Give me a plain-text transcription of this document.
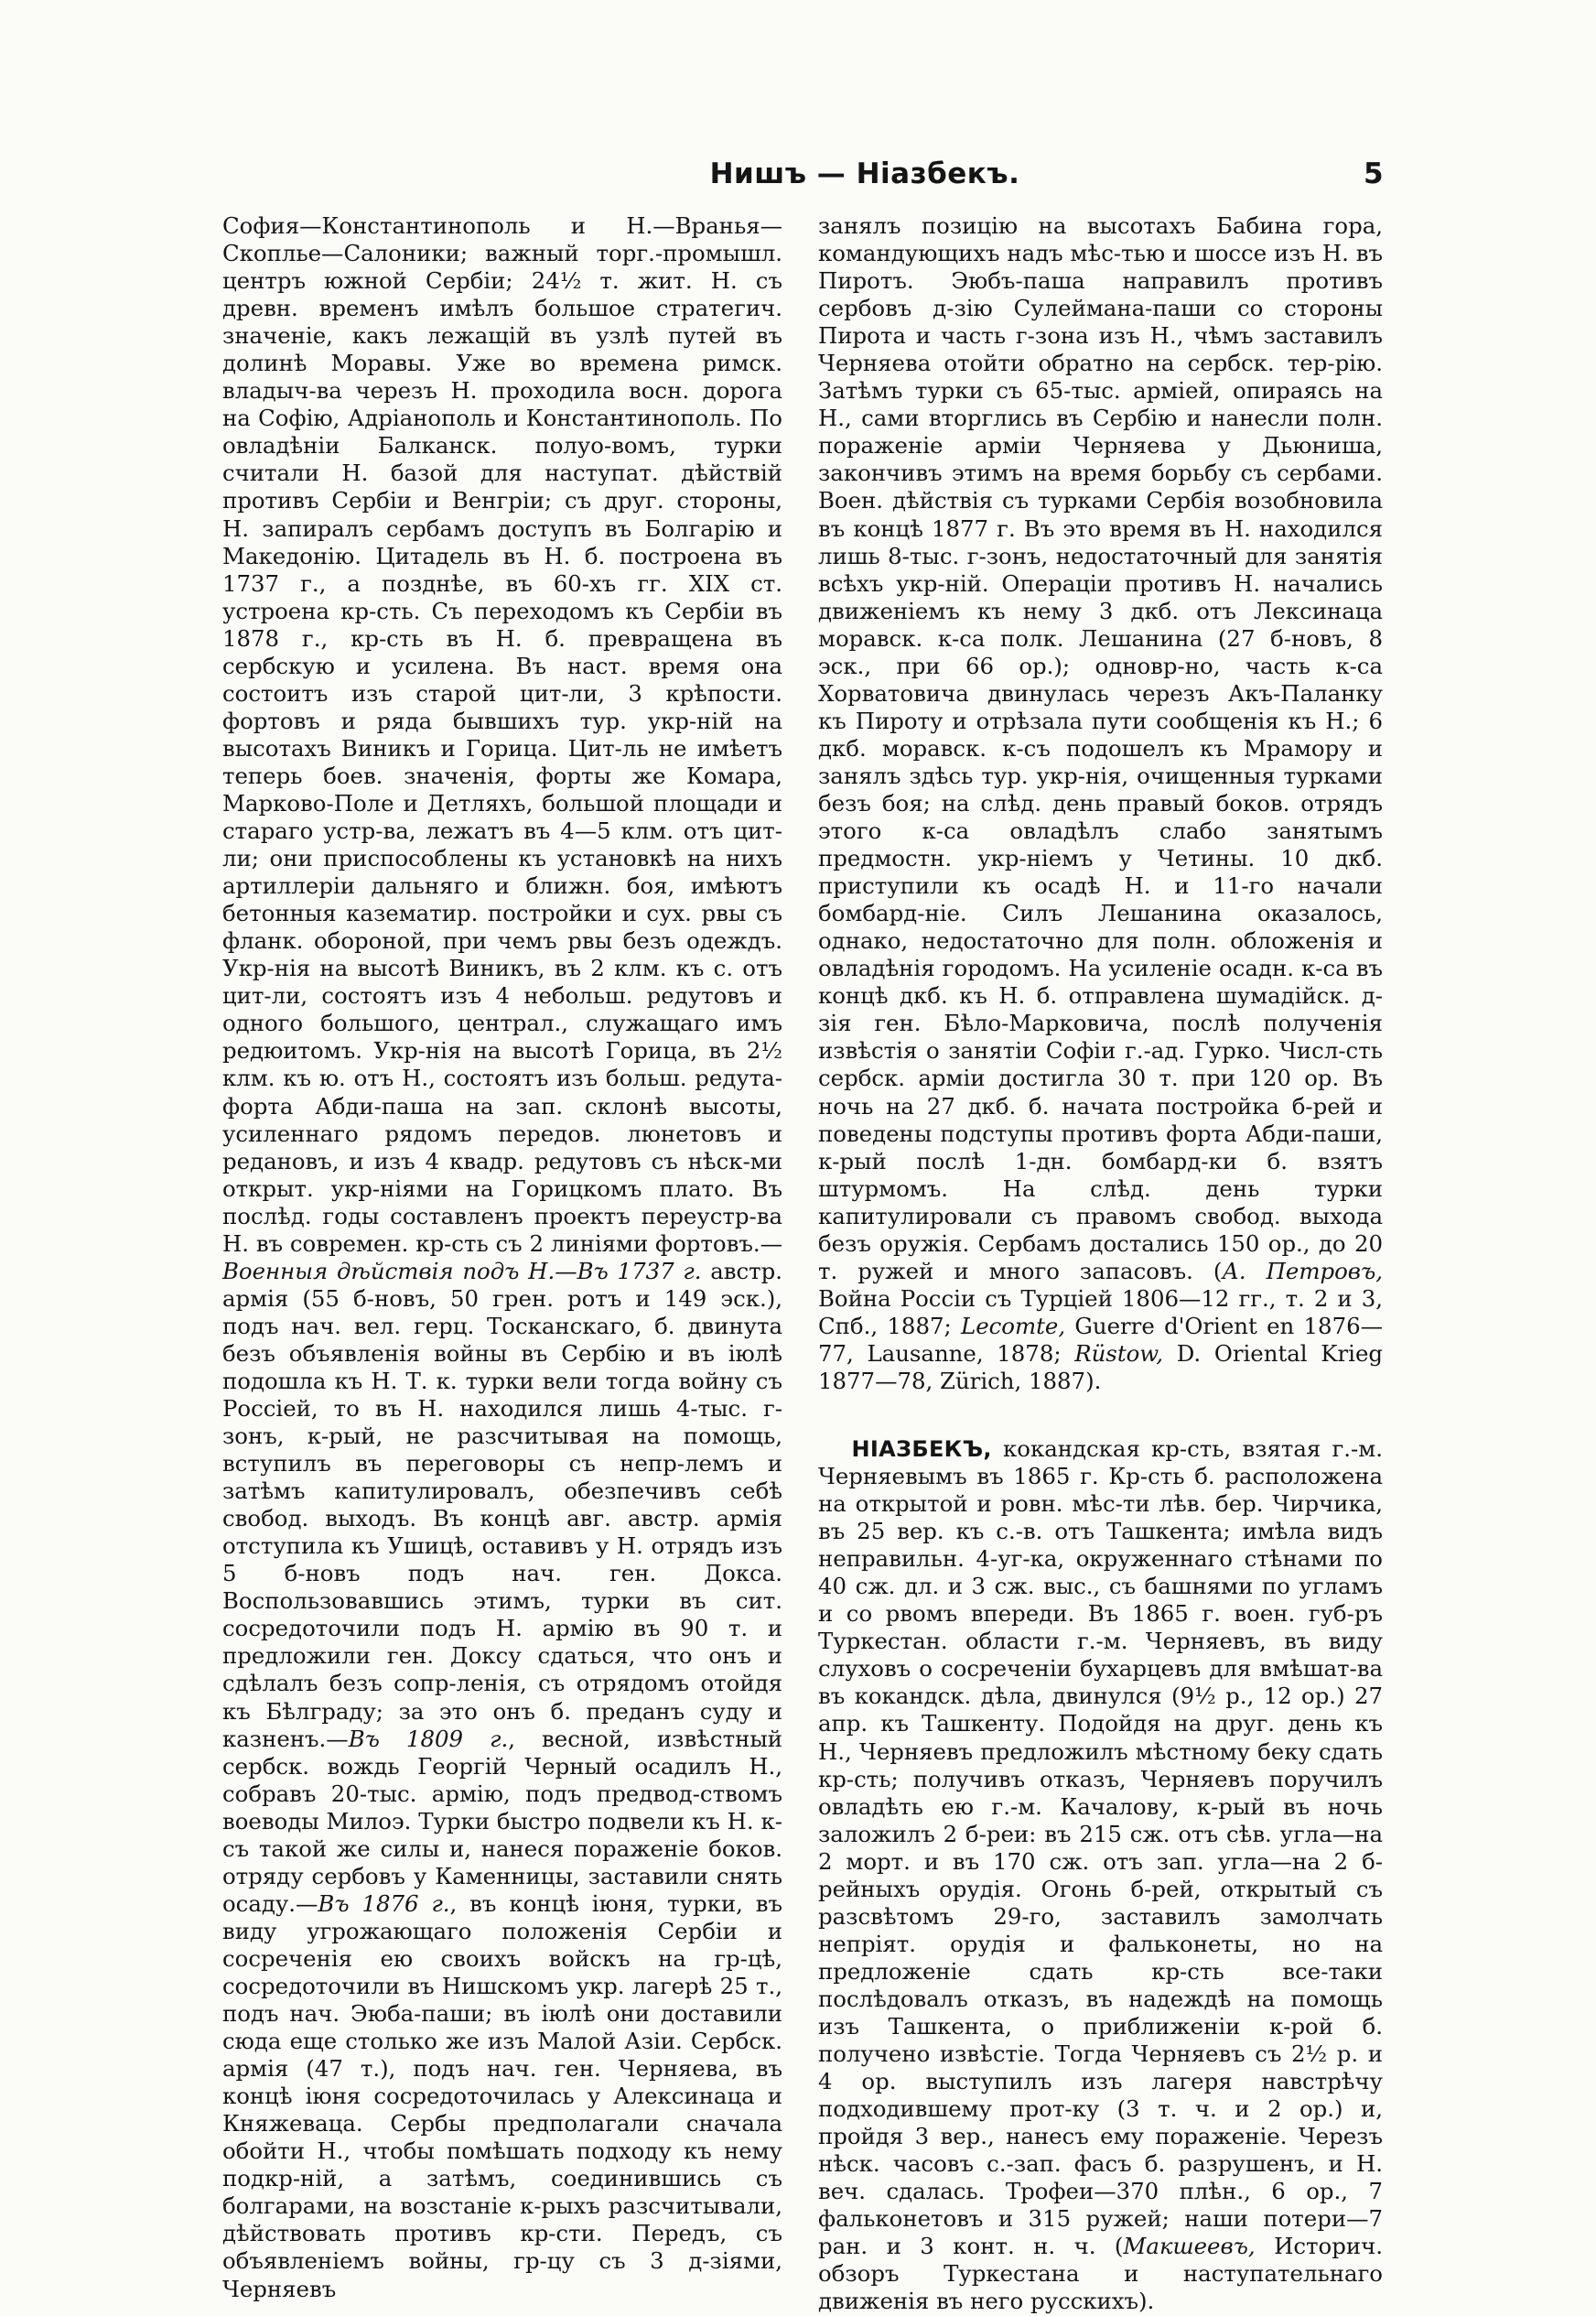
Нишъ — Ніазбекъ.	5

София—Константинополь и Н.—Вранья—Скоплье—Салоники; важный торг.-промышл. центръ южной Сербіи; 24½ т. жит. Н. съ древн. временъ имѣлъ большое стратегич. значеніе, какъ лежащій въ узлѣ путей въ долинѣ Моравы. Уже во времена римск. владыч-ва черезъ Н. проходила восн. дорога на Софію, Адріанополь и Константинополь. По овладѣніи Балканск. полуо-вомъ, турки считали Н. базой для наступат. дѣйствій противъ Сербіи и Венгріи; съ друг. стороны, Н. запиралъ сербамъ доступъ въ Болгарію и Македонію. Цитадель въ Н. б. построена въ 1737 г., а позднѣе, въ 60-хъ гг. XIX ст. устроена кр-сть. Съ переходомъ къ Сербіи въ 1878 г., кр-сть въ Н. б. превращена въ сербскую и усилена. Въ наст. время она состоитъ изъ старой цит-ли, 3 крѣпости. фортовъ и ряда бывшихъ тур. укр-ній на высотахъ Виникъ и Горица. Цит-ль не имѣетъ теперь боев. значенія, форты же Комара, Марково-Поле и Детляхъ, большой площади и стараго устр-ва, лежатъ въ 4—5 клм. отъ цит-ли; они приспособлены къ установкѣ на нихъ артиллеріи дальняго и ближн. боя, имѣютъ бетонныя казематир. постройки и сух. рвы съ фланк. обороной, при чемъ рвы безъ одеждъ. Укр-нія на высотѣ Виникъ, въ 2 клм. къ с. отъ цит-ли, состоятъ изъ 4 небольш. редутовъ и одного большого, централ., служащаго имъ редюитомъ. Укр-нія на высотѣ Горица, въ 2½ клм. къ ю. отъ Н., состоятъ изъ больш. редута-форта Абди-паша на зап. склонѣ высоты, усиленнаго рядомъ передов. люнетовъ и редановъ, и изъ 4 квадр. редутовъ съ нѣск-ми открыт. укр-ніями на Горицкомъ плато. Въ послѣд. годы составленъ проектъ переустр-ва Н. въ современ. кр-сть съ 2 линіями фортовъ.—Военныя дѣйствія подъ Н.—Въ 1737 г. австр. армія (55 б-новъ, 50 грен. ротъ и 149 эск.), подъ нач. вел. герц. Тосканскаго, б. двинута безъ объявленія войны въ Сербію и въ іюлѣ подошла къ Н. Т. к. турки вели тогда войну съ Россіей, то въ Н. находился лишь 4-тыс. г-зонъ, к-рый, не разсчитывая на помощь, вступилъ въ переговоры съ непр-лемъ и затѣмъ капитулировалъ, обезпечивъ себѣ свобод. выходъ. Въ концѣ авг. австр. армія отступила къ Ушицѣ, оставивъ у Н. отрядъ изъ 5 б-новъ подъ нач. ген. Докса. Воспользовавшись этимъ, турки въ сит. сосредоточили подъ Н. армію въ 90 т. и предложили ген. Доксу сдаться, что онъ и сдѣлалъ безъ сопр-ленія, съ отрядомъ отойдя къ Бѣлграду; за это онъ б. преданъ суду и казненъ.—Въ 1809 г., весной, извѣстный сербск. вождь Георгій Черный осадилъ Н., собравъ 20-тыс. армію, подъ предвод-ствомъ воеводы Милоэ. Турки быстро подвели къ Н. к-съ такой же силы и, нанеся пораженіе боков. отряду сербовъ у Каменницы, заставили снять осаду.—Въ 1876 г., въ концѣ іюня, турки, въ виду угрожающаго положенія Сербіи и сосрeченія ею своихъ войскъ на гр-цѣ, сосредоточили въ Нишскомъ укр. лагерѣ 25 т., подъ нач. Эюба-паши; въ іюлѣ они доставили сюда еще столько же изъ Малой Азіи. Сербск. армія (47 т.), подъ нач. ген. Черняева, въ концѣ іюня сосредоточилась у Алексинаца и Княжеваца. Сербы предполагали сначала обойти Н., чтобы помѣшать подходу къ нему подкр-ній, а затѣмъ, соединившись съ болгарами, на возстаніе к-рыхъ разсчитывали, дѣйствовать противъ кр-сти. Передъ, съ объявленіемъ войны, гр-цу съ 3 д-зіями, Черняевъ

занялъ позицію на высотахъ Бабина гора, командующихъ надъ мѣс-тью и шоссе изъ Н. въ Пиротъ. Эюбъ-паша направилъ противъ сербовъ д-зію Сулеймана-паши со стороны Пирота и часть г-зона изъ Н., чѣмъ заставилъ Черняева отойти обратно на сербск. тер-рію. Затѣмъ турки съ 65-тыс. арміей, опираясь на Н., сами вторглись въ Сербію и нанесли полн. пораженіе арміи Черняева у Дьюниша, закончивъ этимъ на время борьбу съ сербами. Воен. дѣйствія съ турками Сербія возобновила въ концѣ 1877 г. Въ это время въ Н. находился лишь 8-тыс. г-зонъ, недостаточный для занятія всѣхъ укр-ній. Операціи противъ Н. начались движеніемъ къ нему 3 дкб. отъ Лексинаца моравск. к-са полк. Лешанина (27 б-новъ, 8 эск., при 66 ор.); одновр-но, часть к-са Хорватовича двинулась черезъ Акъ-Паланку къ Пироту и отрѣзала пути сообщенія къ Н.; 6 дкб. моравск. к-съ подошелъ къ Мрамору и занялъ здѣсь тур. укр-нія, очищенныя турками безъ боя; на слѣд. день правый боков. отрядъ этого к-са овладѣлъ слабо занятымъ предмостн. укр-ніемъ у Четины. 10 дкб. приступили къ осадѣ Н. и 11-го начали бомбард-ніе. Силъ Лешанина оказалось, однако, недостаточно для полн. обложенія и овладѣнія городомъ. На усиленіе осадн. к-са въ концѣ дкб. къ Н. б. отправлена шумадійск. д-зія ген. Бѣло-Марковича, послѣ полученія извѣстія о занятіи Софіи г.-ад. Гурко. Числ-сть сербск. арміи достигла 30 т. при 120 ор. Въ ночь на 27 дкб. б. начата постройка б-рей и поведены подступы противъ форта Абди-паши, к-рый послѣ 1-дн. бомбард-ки б. взятъ штурмомъ. На слѣд. день турки капитулировали съ правомъ свобод. выхода безъ оружія. Сербамъ достались 150 ор., до 20 т. ружей и много запасовъ. (А. Петровъ, Война Россіи съ Турціей 1806—12 гг., т. 2 и 3, Спб., 1887; Lecomte, Guerre d'Orient en 1876—77, Lausanne, 1878; Rüstow, D. Oriental Krieg 1877—78, Zürich, 1887).

НІАЗБЕКЪ, кокандская кр-сть, взятая г.-м. Черняевымъ въ 1865 г. Кр-сть б. расположена на открытой и ровн. мѣс-ти лѣв. бер. Чирчика, въ 25 вер. къ с.-в. отъ Ташкента; имѣла видъ неправильн. 4-уг-ка, окруженнаго стѣнами по 40 сж. дл. и 3 сж. выс., съ башнями по угламъ и со рвомъ впереди. Въ 1865 г. воен. губ-ръ Туркестан. области г.-м. Черняевъ, въ виду слуховъ о сосрeченіи бухарцевъ для вмѣшат-ва въ кокандск. дѣла, двинулся (9½ р., 12 ор.) 27 апр. къ Ташкенту. Подойдя на друг. день къ Н., Черняевъ предложилъ мѣстному беку сдать кр-сть; получивъ отказъ, Черняевъ поручилъ овладѣть ею г.-м. Качалову, к-рый въ ночь заложилъ 2 б-реи: въ 215 сж. отъ сѣв. угла—на 2 морт. и въ 170 сж. отъ зап. угла—на 2 б-рейныхъ орудія. Огонь б-рей, открытый съ разсвѣтомъ 29-го, заставилъ замолчать непріят. орудія и фальконеты, но на предложеніе сдать кр-сть все-таки послѣдовалъ отказъ, въ надеждѣ на помощь изъ Ташкента, о приближеніи к-рой б. получено извѣстіе. Тогда Черняевъ съ 2½ р. и 4 ор. выступилъ изъ лагеря навстрѣчу подходившему прот-ку (3 т. ч. и 2 ор.) и, пройдя 3 вер., нанесъ ему пораженіе. Черезъ нѣск. часовъ с.-зап. фасъ б. разрушенъ, и Н. веч. сдалась. Трофеи—370 плѣн., 6 ор., 7 фальконетовъ и 315 ружей; наши потери—7 ран. и 3 конт. н. ч. (Макшеевъ, Историч. обзоръ Туркестана и наступательнаго движенія въ него русскихъ).
